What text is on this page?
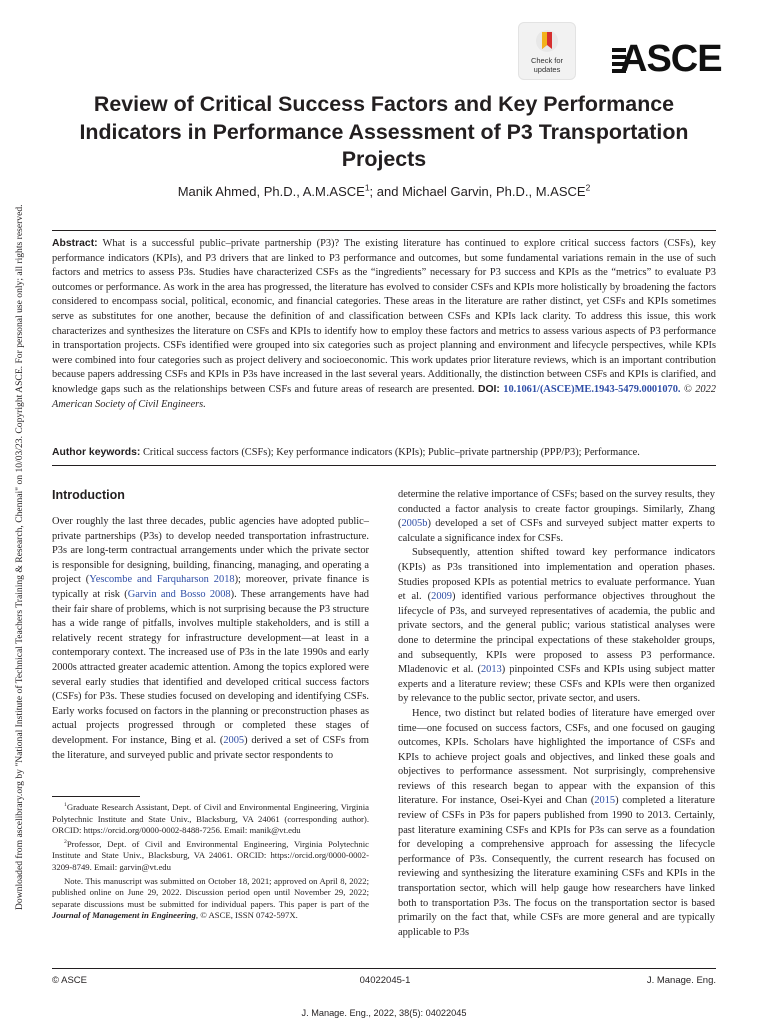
Downloaded from ascelibrary.org by "National Institute of Technical Teachers Training & Research, Chennai" on 10/03/23. Copyright ASCE. For personal use only; all rights reserved.
Check for
updates	ASCE
Review of Critical Success Factors and Key Performance Indicators in Performance Assessment of P3 Transportation Projects
Manik Ahmed, Ph.D., A.M.ASCE$^1$; and Michael Garvin, Ph.D., M.ASCE$^2$
Abstract: What is a successful public–private partnership (P3)? The existing literature has continued to explore critical success factors (CSFs), key performance indicators (KPIs), and P3 drivers that are linked to P3 performance and outcomes, but some fundamental variations remain in the use of such factors and metrics to assess P3s. Studies have characterized CSFs as the “ingredients” necessary for P3 success and KPIs as the “metrics” to evaluate P3 outcomes or performance. As work in the area has progressed, the literature has evolved to consider CSFs and KPIs more holistically by broadening the factors considered to encompass social, political, economic, and financial categories. These areas in the literature are rather distinct, yet CSFs and KPIs sometimes serve as substitutes for one another, because the definition of and classification between CSFs and KPIs lack clarity. To address this issue, this work characterizes and synthesizes the literature on CSFs and KPIs to identify how to employ these factors and metrics to assess various aspects of P3 performance in transportation projects. CSFs identified were grouped into six categories such as project planning and environment and lifecycle perspectives, while KPIs were combined into four categories such as project delivery and socioeconomic. This work updates prior literature reviews, which is an important contribution because papers addressing CSFs and KPIs in P3s have increased in the last several years. Additionally, the distinction between CSFs and KPIs is clarified, and knowledge gaps such as the relationships between CSFs and future areas of research are presented. DOI: 10.1061/(ASCE)ME.1943-5479.0001070. © 2022 American Society of Civil Engineers.
Author keywords: Critical success factors (CSFs); Key performance indicators (KPIs); Public–private partnership (PPP/P3); Performance.
Introduction

Over roughly the last three decades, public agencies have adopted public–private partnerships (P3s) to develop needed transportation infrastructure. P3s are long-term contractual arrangements under which the private sector is responsible for designing, building, financing, managing, and operating a project (Yescombe and Farquharson 2018); moreover, private finance is typically at risk (Garvin and Bosso 2008). These arrangements have had their fair share of problems, which is not surprising because the P3 structure has a wide range of pitfalls, involves multiple stakeholders, and is still a relatively recent strategy for infrastructure development—at least in a contemporary context. The increased use of P3s in the late 1990s and early 2000s attracted greater academic attention. Among the topics explored were several early studies that identified and developed critical success factors (CSFs) for P3s. These studies focused on developing and identifying CSFs. Early works focused on factors in the planning or preconstruction phases as actual projects progressed through or completed these stages of development. For instance, Bing et al. (2005) derived a set of CSFs from the literature, and surveyed public and private sector respondents to

$^1$Graduate Research Assistant, Dept. of Civil and Environmental Engineering, Virginia Polytechnic Institute and State Univ., Blacksburg, VA 24061 (corresponding author). ORCID: https://orcid.org/0000-0002-8488-7256. Email: manik@vt.edu

$^2$Professor, Dept. of Civil and Environmental Engineering, Virginia Polytechnic Institute and State Univ., Blacksburg, VA 24061. ORCID: https://orcid.org/0000-0002-3209-8749. Email: garvin@vt.edu

Note. This manuscript was submitted on October 18, 2021; approved on April 8, 2022; published online on June 29, 2022. Discussion period open until November 29, 2022; separate discussions must be submitted for individual papers. This paper is part of the Journal of Management in Engineering, © ASCE, ISSN 0742-597X.

determine the relative importance of CSFs; based on the survey results, they conducted a factor analysis to create factor groupings. Similarly, Zhang (2005b) developed a set of CSFs and surveyed subject matter experts to calculate a significance index for CSFs.

Subsequently, attention shifted toward key performance indicators (KPIs) as P3s transitioned into implementation and operation phases. Studies proposed KPIs as potential metrics to evaluate performance. Yuan et al. (2009) identified various performance objectives throughout the lifecycle of P3s, and surveyed representatives of academia, the public and private sectors, and the general public; various statistical analyses were done to determine the principal expectations of these stakeholder groups, and subsequently, KPIs were proposed to assess P3 performance. Mladenovic et al. (2013) pinpointed CSFs and KPIs using subject matter experts and a literature review; these CSFs and KPIs were then organized by relevance to the public sector, private sector, and users.

Hence, two distinct but related bodies of literature have emerged over time—one focused on success factors, CSFs, and one focused on gauging outcomes, KPIs. Scholars have highlighted the importance of CSFs and KPIs to achieve project goals and objectives, and linked these goals and objectives to performance assessment. Not surprisingly, comprehensive reviews of this research began to appear with the expansion of this literature. For instance, Osei-Kyei and Chan (2015) completed a literature review of CSFs in P3s for papers published from 1990 to 2013. Certainly, past literature examining CSFs and KPIs for P3s can serve as a foundation for developing a comprehensive approach for assessing the lifecycle performance of P3s. Consequently, the current research has focused on reviewing and synthesizing the literature examining CSFs and KPIs in the transportation sector, which will help gauge how researchers have linked both to transportation P3s. The focus on the transportation sector is based primarily on the fact that, while CSFs are more general and are typically applicable to P3s

© ASCE	04022045-1	J. Manage. Eng.
J. Manage. Eng., 2022, 38(5): 04022045
